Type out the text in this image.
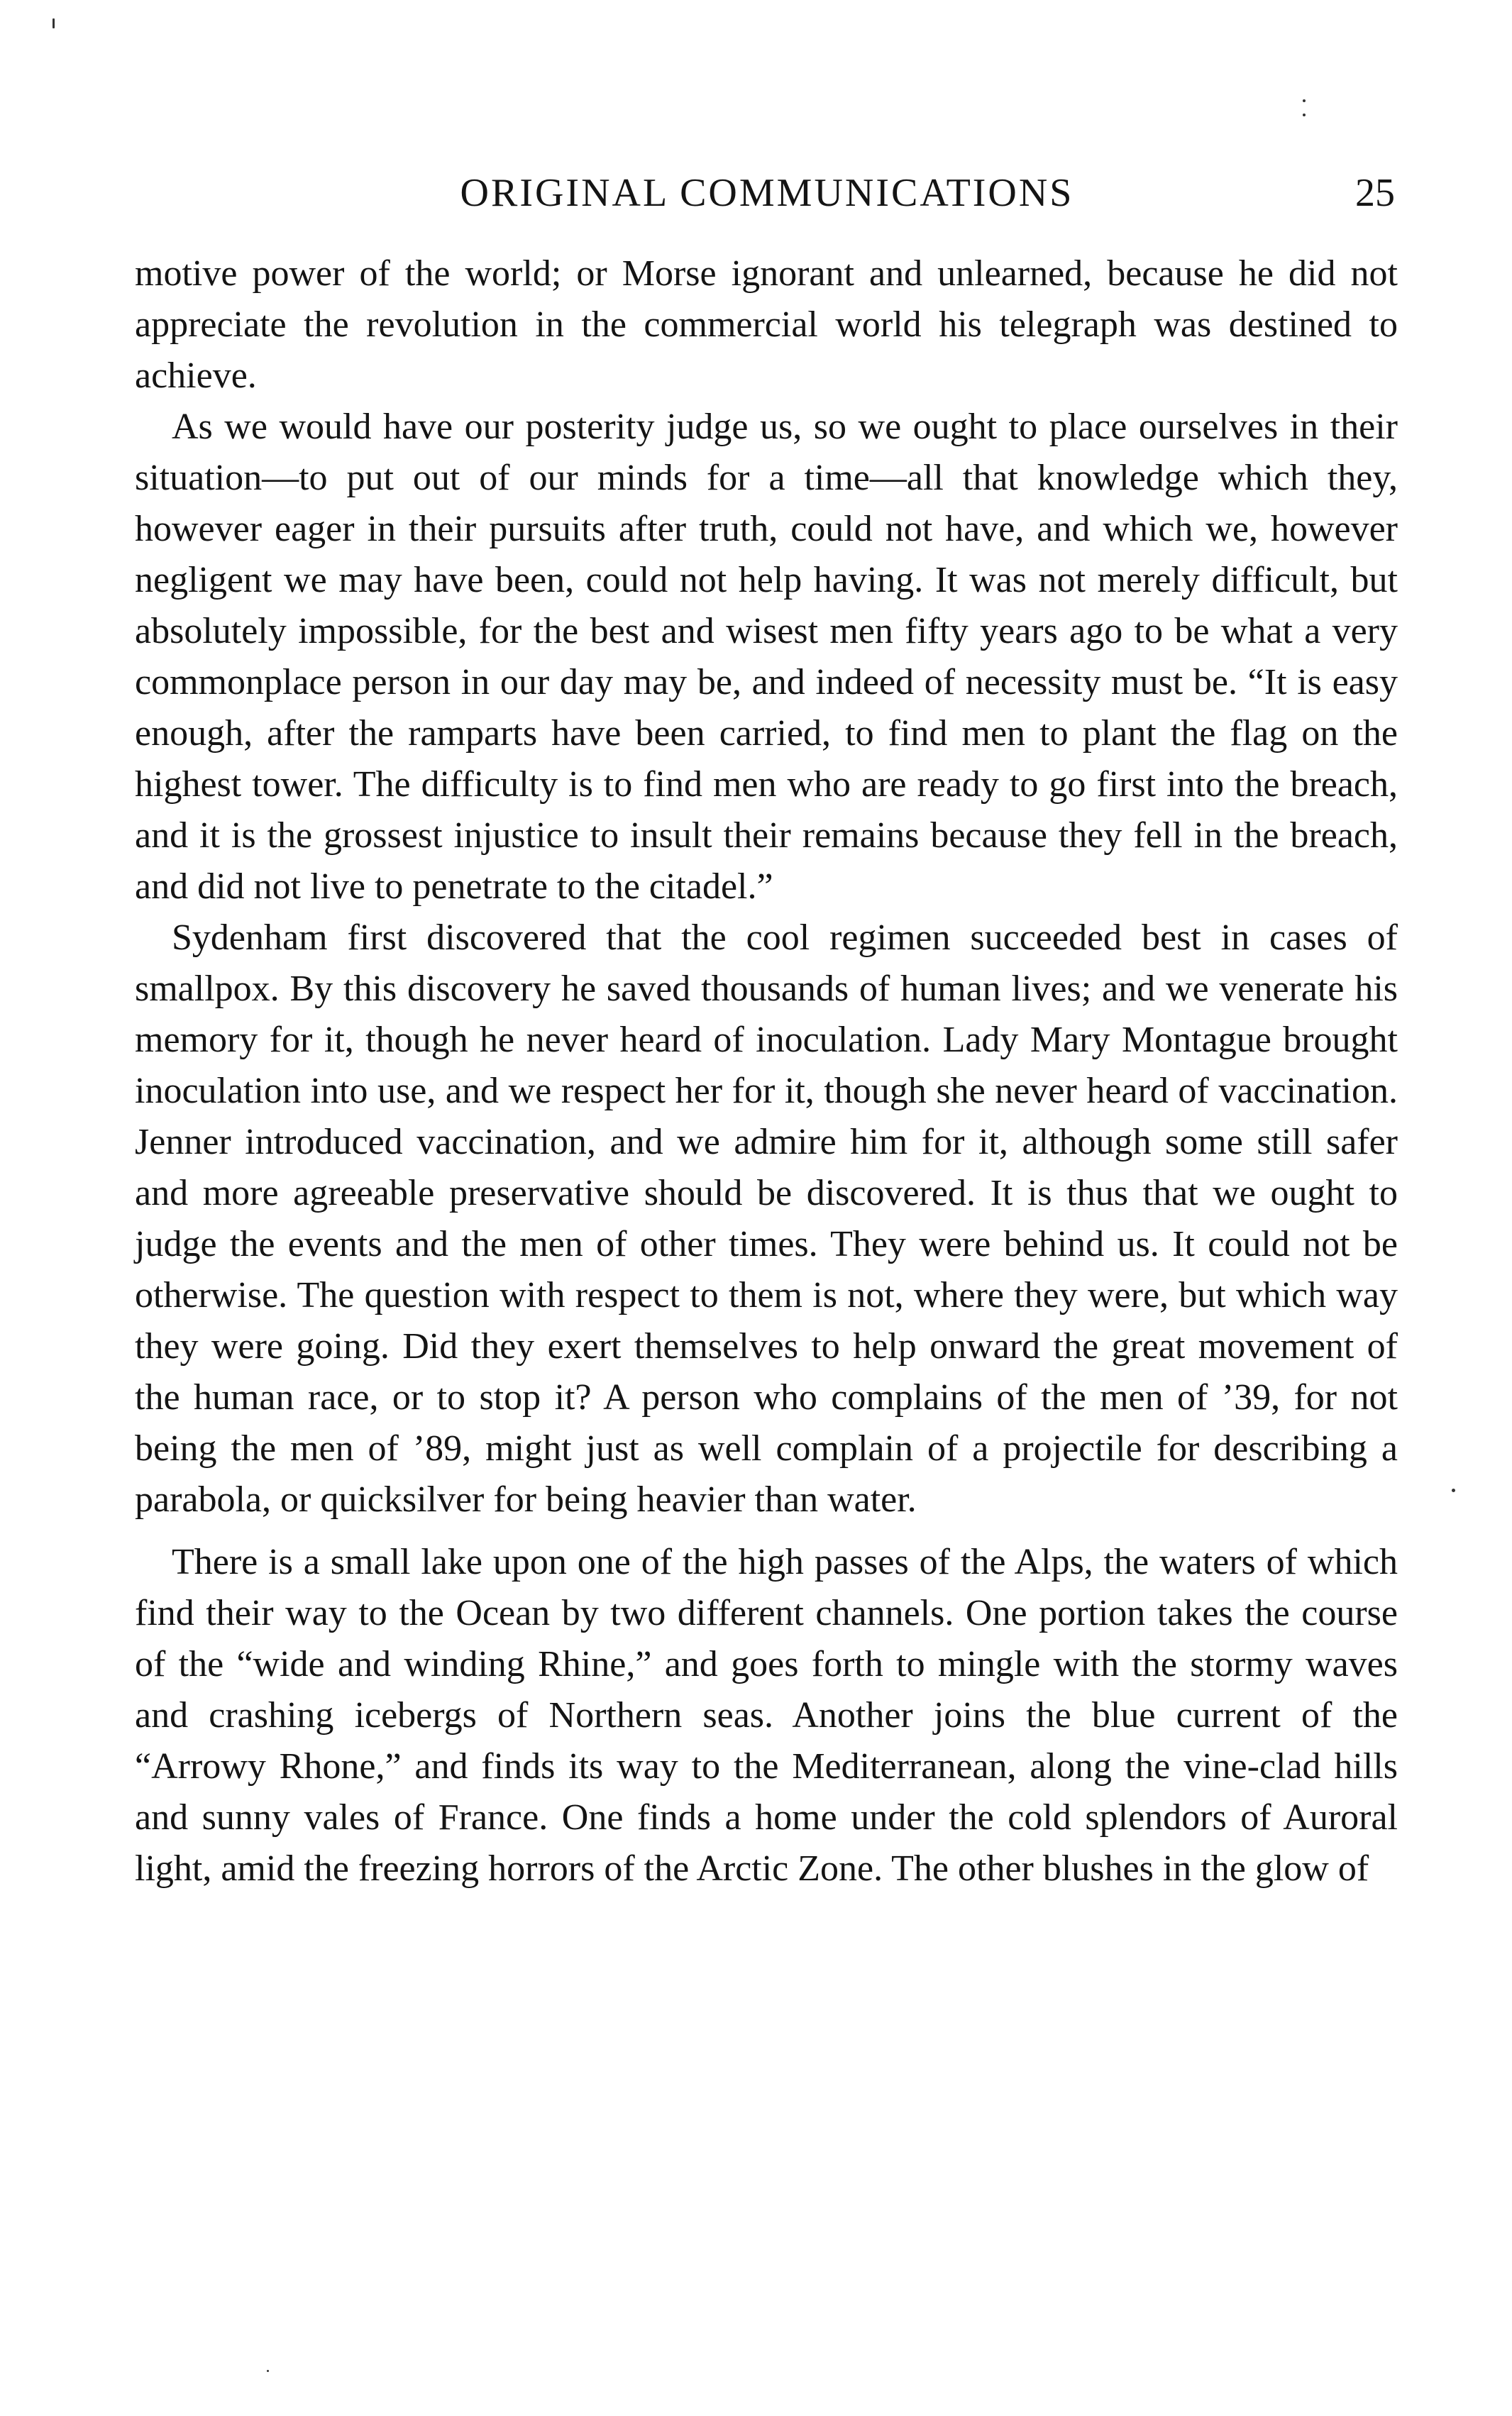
ORIGINAL COMMUNICATIONS	25

motive power of the world; or Morse ignorant and unlearned, because he did not appreciate the revolution in the commercial world his telegraph was destined to achieve.

As we would have our posterity judge us, so we ought to place ourselves in their situation—to put out of our minds for a time—all that knowledge which they, however eager in their pursuits after truth, could not have, and which we, however negligent we may have been, could not help having. It was not merely difficult, but absolutely impossible, for the best and wisest men fifty years ago to be what a very commonplace person in our day may be, and indeed of necessity must be. “It is easy enough, after the ramparts have been carried, to find men to plant the flag on the highest tower. The difficulty is to find men who are ready to go first into the breach, and it is the grossest injustice to insult their remains because they fell in the breach, and did not live to penetrate to the citadel.”

Sydenham first discovered that the cool regimen succeeded best in cases of smallpox. By this discovery he saved thousands of human lives; and we venerate his memory for it, though he never heard of inoculation. Lady Mary Montague brought inoculation into use, and we respect her for it, though she never heard of vaccination. Jenner introduced vaccination, and we admire him for it, although some still safer and more agreeable preservative should be discovered. It is thus that we ought to judge the events and the men of other times. They were behind us. It could not be otherwise. The question with respect to them is not, where they were, but which way they were going. Did they exert themselves to help onward the great movement of the human race, or to stop it? A person who complains of the men of ’39, for not being the men of ’89, might just as well complain of a projectile for describing a parabola, or quicksilver for being heavier than water.

There is a small lake upon one of the high passes of the Alps, the waters of which find their way to the Ocean by two different channels. One portion takes the course of the “wide and winding Rhine,” and goes forth to mingle with the stormy waves and crashing icebergs of Northern seas. Another joins the blue current of the “Arrowy Rhone,” and finds its way to the Mediterranean, along the vine-clad hills and sunny vales of France. One finds a home under the cold splendors of Auroral light, amid the freezing horrors of the Arctic Zone. The other blushes in the glow of
